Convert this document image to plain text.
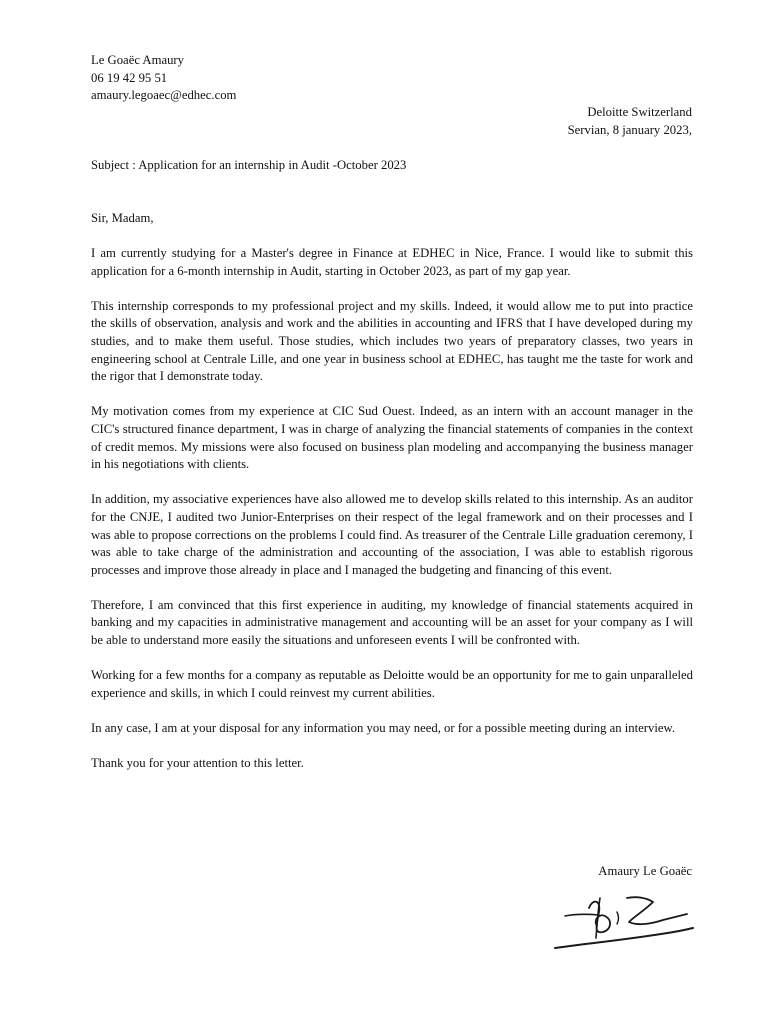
Le Goaëc Amaury
06 19 42 95 51
amaury.legoaec@edhec.com
Deloitte Switzerland
Servian, 8 january 2023,
Subject : Application for an internship in Audit -October 2023
Sir, Madam,

I am currently studying for a Master's degree in Finance at EDHEC in Nice, France. I would like to submit this application for a 6-month internship in Audit, starting in October 2023, as part of my gap year.

This internship corresponds to my professional project and my skills. Indeed, it would allow me to put into practice the skills of observation, analysis and work and the abilities in accounting and IFRS that I have developed during my studies, and to make them useful. Those studies, which includes two years of preparatory classes, two years in engineering school at Centrale Lille, and one year in business school at EDHEC, has taught me the taste for work and the rigor that I demonstrate today.

My motivation comes from my experience at CIC Sud Ouest. Indeed, as an intern with an account manager in the CIC's structured finance department, I was in charge of analyzing the financial statements of companies in the context of credit memos. My missions were also focused on business plan modeling and accompanying the business manager in his negotiations with clients.

In addition, my associative experiences have also allowed me to develop skills related to this internship. As an auditor for the CNJE, I audited two Junior-Enterprises on their respect of the legal framework and on their processes and I was able to propose corrections on the problems I could find. As treasurer of the Centrale Lille graduation ceremony, I was able to take charge of the administration and accounting of the association, I was able to establish rigorous processes and improve those already in place and I managed the budgeting and financing of this event.

Therefore, I am convinced that this first experience in auditing, my knowledge of financial statements acquired in banking and my capacities in administrative management and accounting will be an asset for your company as I will be able to understand more easily the situations and unforeseen events I will be confronted with.

Working for a few months for a company as reputable as Deloitte would be an opportunity for me to gain unparalleled experience and skills, in which I could reinvest my current abilities.

In any case, I am at your disposal for any information you may need, or for a possible meeting during an interview.

Thank you for your attention to this letter.

Amaury Le Goaëc
